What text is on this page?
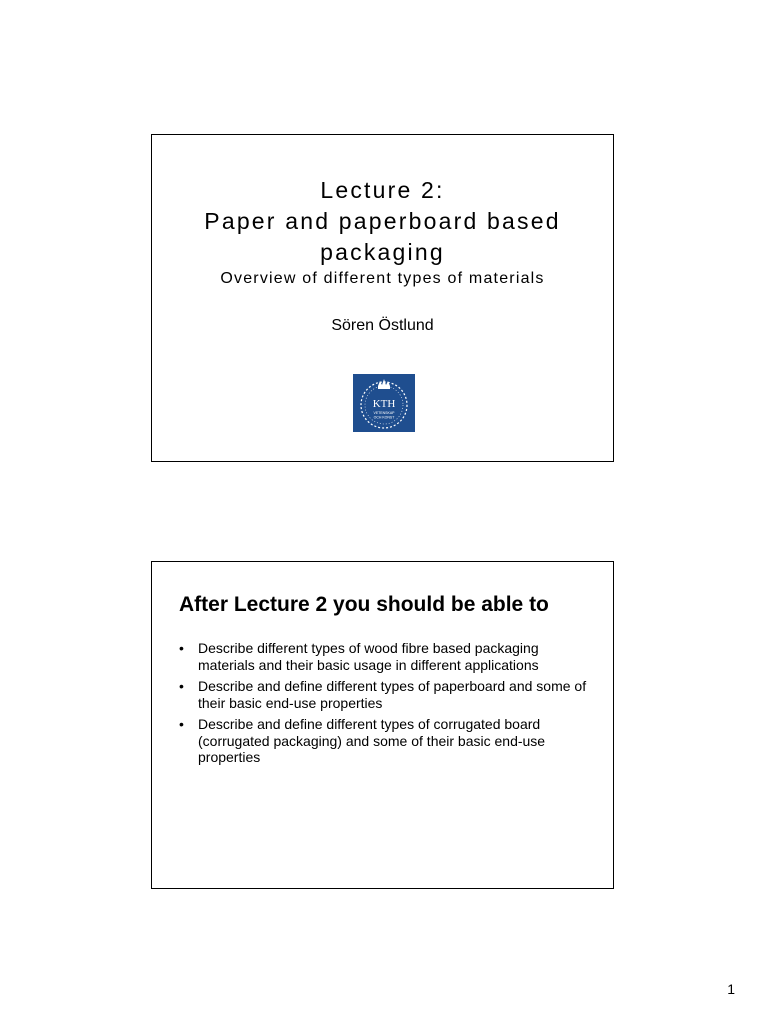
Lecture 2:
Paper and paperboard based
packaging
Overview of different types of materials
Sören Östlund
KTH
VETENSKAP
OCH KONST
After Lecture 2 you should be able to
• Describe different types of wood fibre based packaging materials and their basic usage in different applications
• Describe and define different types of paperboard and some of their basic end-use properties
• Describe and define different types of corrugated board (corrugated packaging) and some of their basic end-use properties
1
